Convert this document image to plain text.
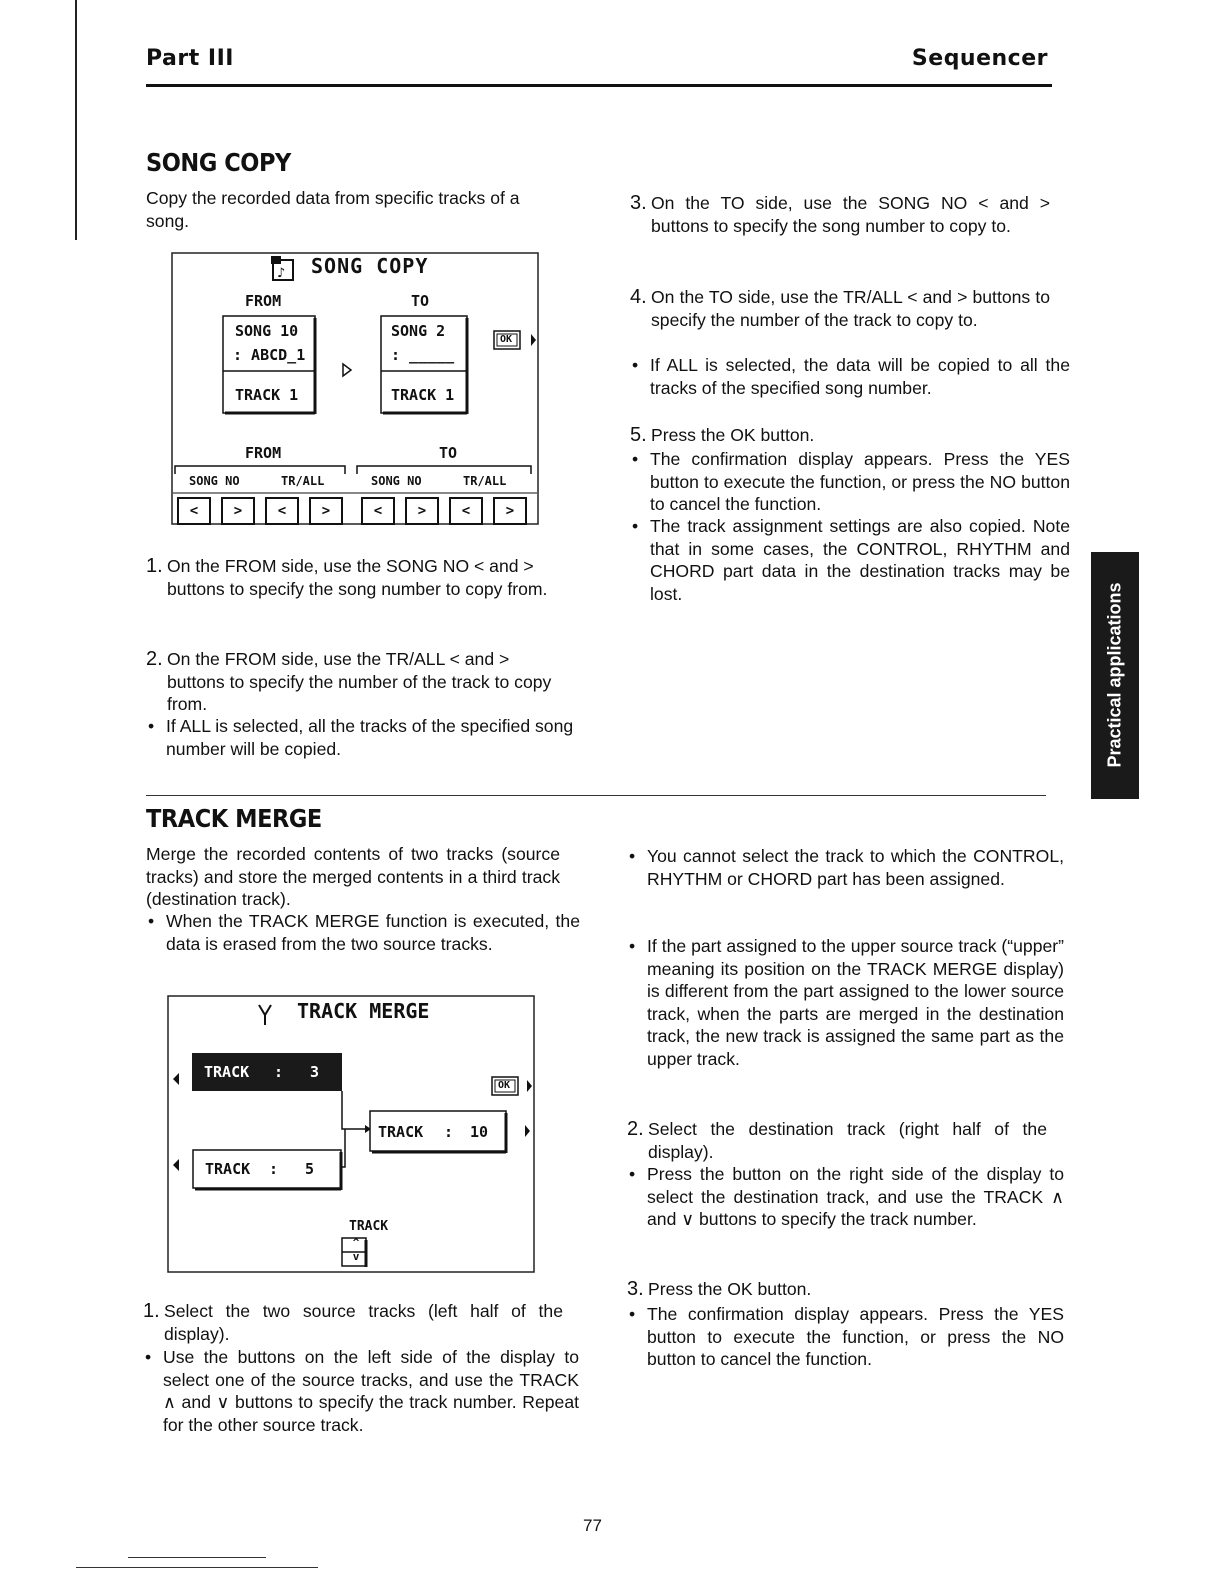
Part III	Sequencer
SONG COPY
Copy the recorded data from specific tracks of a song.
♪ SONG COPY
FROM	TO
SONG 10
: ABCD_1
TRACK 1
SONG 2
: _____
TRACK 1
OK
FROM	TO
SONG NO	TR/ALL	SONG NO	TR/ALL
<	>	<	>	<	>	<	>
1. On the FROM side, use the SONG NO < and > buttons to specify the song number to copy from.
2. On the FROM side, use the TR/ALL < and > buttons to specify the number of the track to copy from.
• If ALL is selected, all the tracks of the specified song number will be copied.
3. On the TO side, use the SONG NO < and > buttons to specify the song number to copy to.
4. On the TO side, use the TR/ALL < and > buttons to specify the number of the track to copy to.
• If ALL is selected, the data will be copied to all the tracks of the specified song number.
5. Press the OK button.
• The confirmation display appears. Press the YES button to execute the function, or press the NO button to cancel the function.
• The track assignment settings are also copied. Note that in some cases, the CONTROL, RHYTHM and CHORD part data in the destination tracks may be lost.	Practical applications
TRACK MERGE
Merge the recorded contents of two tracks (source tracks) and store the merged contents in a third track (destination track).
• When the TRACK MERGE function is executed, the data is erased from the two source tracks.
TRACK MERGE
TRACK : 3
TRACK : 5
TRACK : 10
OK
TRACK
^
v
1. Select the two source tracks (left half of the display).
• Use the buttons on the left side of the display to select one of the source tracks, and use the TRACK ∧ and ∨ buttons to specify the track number. Repeat for the other source track.
• You cannot select the track to which the CONTROL, RHYTHM or CHORD part has been assigned.
• If the part assigned to the upper source track (“upper” meaning its position on the TRACK MERGE display) is different from the part assigned to the lower source track, when the parts are merged in the destination track, the new track is assigned the same part as the upper track.
2. Select the destination track (right half of the display).
• Press the button on the right side of the display to select the destination track, and use the TRACK ∧ and ∨ buttons to specify the track number.
3. Press the OK button.
• The confirmation display appears. Press the YES button to execute the function, or press the NO button to cancel the function.
77
